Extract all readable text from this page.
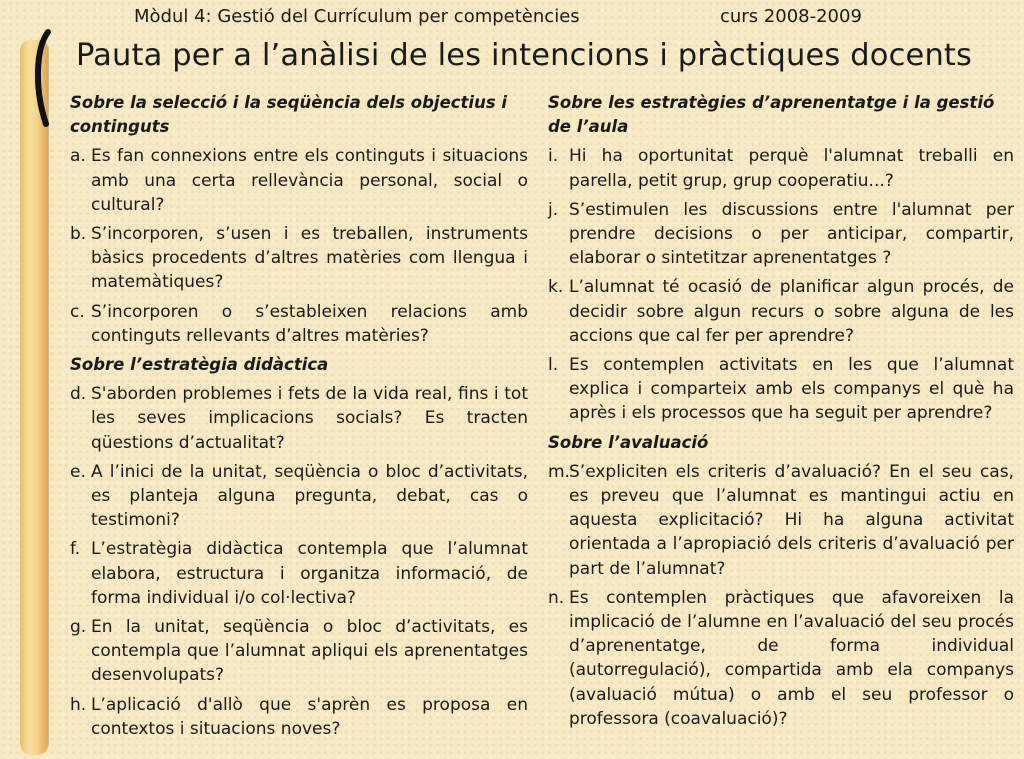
Mòdul 4: Gestió del Currículum per competències	curs 2008-2009
Pauta per a l’anàlisi de les intencions i pràctiques docents
Sobre la selecció i la seqüència dels objectius i continguts
a. Es fan connexions entre els continguts i situacions amb una certa rellevància personal, social o cultural?
b. S’incorporen, s’usen i es treballen, instruments bàsics procedents d’altres matèries com llengua i matemàtiques?
c. S’incorporen o s’estableixen relacions amb continguts rellevants d’altres matèries?
Sobre l’estratègia didàctica
d. S'aborden problemes i fets de la vida real, fins i tot les seves implicacions socials? Es tracten qüestions d’actualitat?
e. A l’inici de la unitat, seqüència o bloc d’activitats, es planteja alguna pregunta, debat, cas o testimoni?
f. L’estratègia didàctica contempla que l’alumnat elabora, estructura i organitza informació, de forma individual i/o col·lectiva?
g. En la unitat, seqüència o bloc d’activitats, es contempla que l’alumnat apliqui els aprenentatges desenvolupats?
h. L’aplicació d'allò que s'aprèn es proposa en contextos i situacions noves?
Sobre les estratègies d’aprenentatge i la gestió de l’aula
i. Hi ha oportunitat perquè l'alumnat treballi en parella, petit grup, grup cooperatiu...?
j. S’estimulen les discussions entre l'alumnat per prendre decisions o per anticipar, compartir, elaborar o sintetitzar aprenentatges ?
k. L’alumnat té ocasió de planificar algun procés, de decidir sobre algun recurs o sobre alguna de les accions que cal fer per aprendre?
l. Es contemplen activitats en les que l’alumnat explica i comparteix amb els companys el què ha après i els processos que ha seguit per aprendre?
Sobre l’avaluació
m. S’expliciten els criteris d’avaluació? En el seu cas, es preveu que l’alumnat es mantingui actiu en aquesta explicitació? Hi ha alguna activitat orientada a l’apropiació dels criteris d’avaluació per part de l’alumnat?
n. Es contemplen pràctiques que afavoreixen la implicació de l’alumne en l’avaluació del seu procés d’aprenentatge, de forma individual (autorregulació), compartida amb ela companys (avaluació mútua) o amb el seu professor o professora (coavaluació)?
